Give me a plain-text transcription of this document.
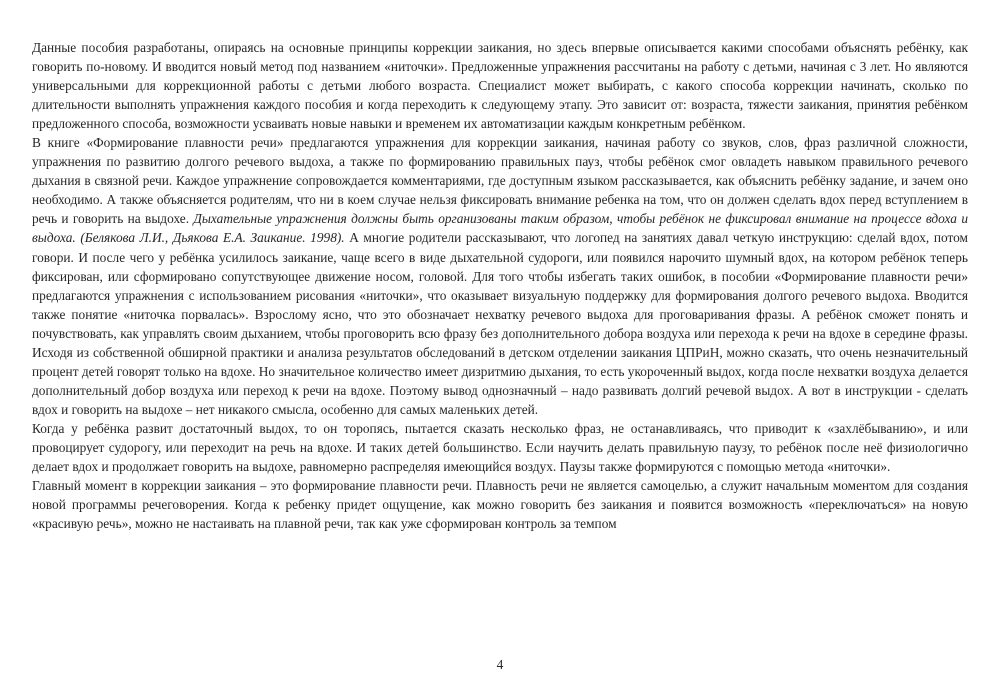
Данные пособия разработаны, опираясь на основные принципы коррекции заикания, но здесь впервые описывается какими способами объяснять ребёнку, как говорить по-новому. И вводится новый метод под названием «ниточки». Предложенные упражнения рассчитаны на работу с детьми, начиная с 3 лет. Но являются универсальными для коррекционной работы с детьми любого возраста. Специалист может выбирать, с какого способа коррекции начинать, сколько по длительности выполнять упражнения каждого пособия и когда переходить к следующему этапу. Это зависит от: возраста, тяжести заикания, принятия ребёнком предложенного способа, возможности усваивать новые навыки и временем их автоматизации каждым конкретным ребёнком.

В книге «Формирование плавности речи» предлагаются упражнения для коррекции заикания, начиная работу со звуков, слов, фраз различной сложности, упражнения по развитию долгого речевого выдоха, а также по формированию правильных пауз, чтобы ребёнок смог овладеть навыком правильного речевого дыхания в связной речи. Каждое упражнение сопровождается комментариями, где доступным языком рассказывается, как объяснить ребёнку задание, и зачем оно необходимо. А также объясняется родителям, что ни в коем случае нельзя фиксировать внимание ребенка на том, что он должен сделать вдох перед вступлением в речь и говорить на выдохе. Дыхательные упражнения должны быть организованы таким образом, чтобы ребёнок не фиксировал внимание на процессе вдоха и выдоха. (Белякова Л.И., Дьякова Е.А. Заикание. 1998). А многие родители рассказывают, что логопед на занятиях давал четкую инструкцию: сделай вдох, потом говори. И после чего у ребёнка усилилось заикание, чаще всего в виде дыхательной судороги, или появился нарочито шумный вдох, на котором ребёнок теперь фиксирован, или сформировано сопутствующее движение носом, головой. Для того чтобы избегать таких ошибок, в пособии «Формирование плавности речи» предлагаются упражнения с использованием рисования «ниточки», что оказывает визуальную поддержку для формирования долгого речевого выдоха. Вводится также понятие «ниточка порвалась». Взрослому ясно, что это обозначает нехватку речевого выдоха для проговаривания фразы. А ребёнок сможет понять и почувствовать, как управлять своим дыханием, чтобы проговорить всю фразу без дополнительного добора воздуха или перехода к речи на вдохе в середине фразы. Исходя из собственной обширной практики и анализа результатов обследований в детском отделении заикания ЦПРиН, можно сказать, что очень незначительный процент детей говорят только на вдохе. Но значительное количество имеет дизритмию дыхания, то есть укороченный выдох, когда после нехватки воздуха делается дополнительный добор воздуха или переход к речи на вдохе. Поэтому вывод однозначный – надо развивать долгий речевой выдох. А вот в инструкции - сделать вдох и говорить на выдохе – нет никакого смысла, особенно для самых маленьких детей.

Когда у ребёнка развит достаточный выдох, то он торопясь, пытается сказать несколько фраз, не останавливаясь, что приводит к «захлёбыванию», и или провоцирует судорогу, или переходит на речь на вдохе. И таких детей большинство. Если научить делать правильную паузу, то ребёнок после неё физиологично делает вдох и продолжает говорить на выдохе, равномерно распределяя имеющийся воздух. Паузы также формируются с помощью метода «ниточки».

Главный момент в коррекции заикания – это формирование плавности речи. Плавность речи не является самоцелью, а служит начальным моментом для создания новой программы речеговорения. Когда к ребенку придет ощущение, как можно говорить без заикания и появится возможность «переключаться» на новую «красивую речь», можно не настаивать на плавной речи, так как уже сформирован контроль за темпом

4
